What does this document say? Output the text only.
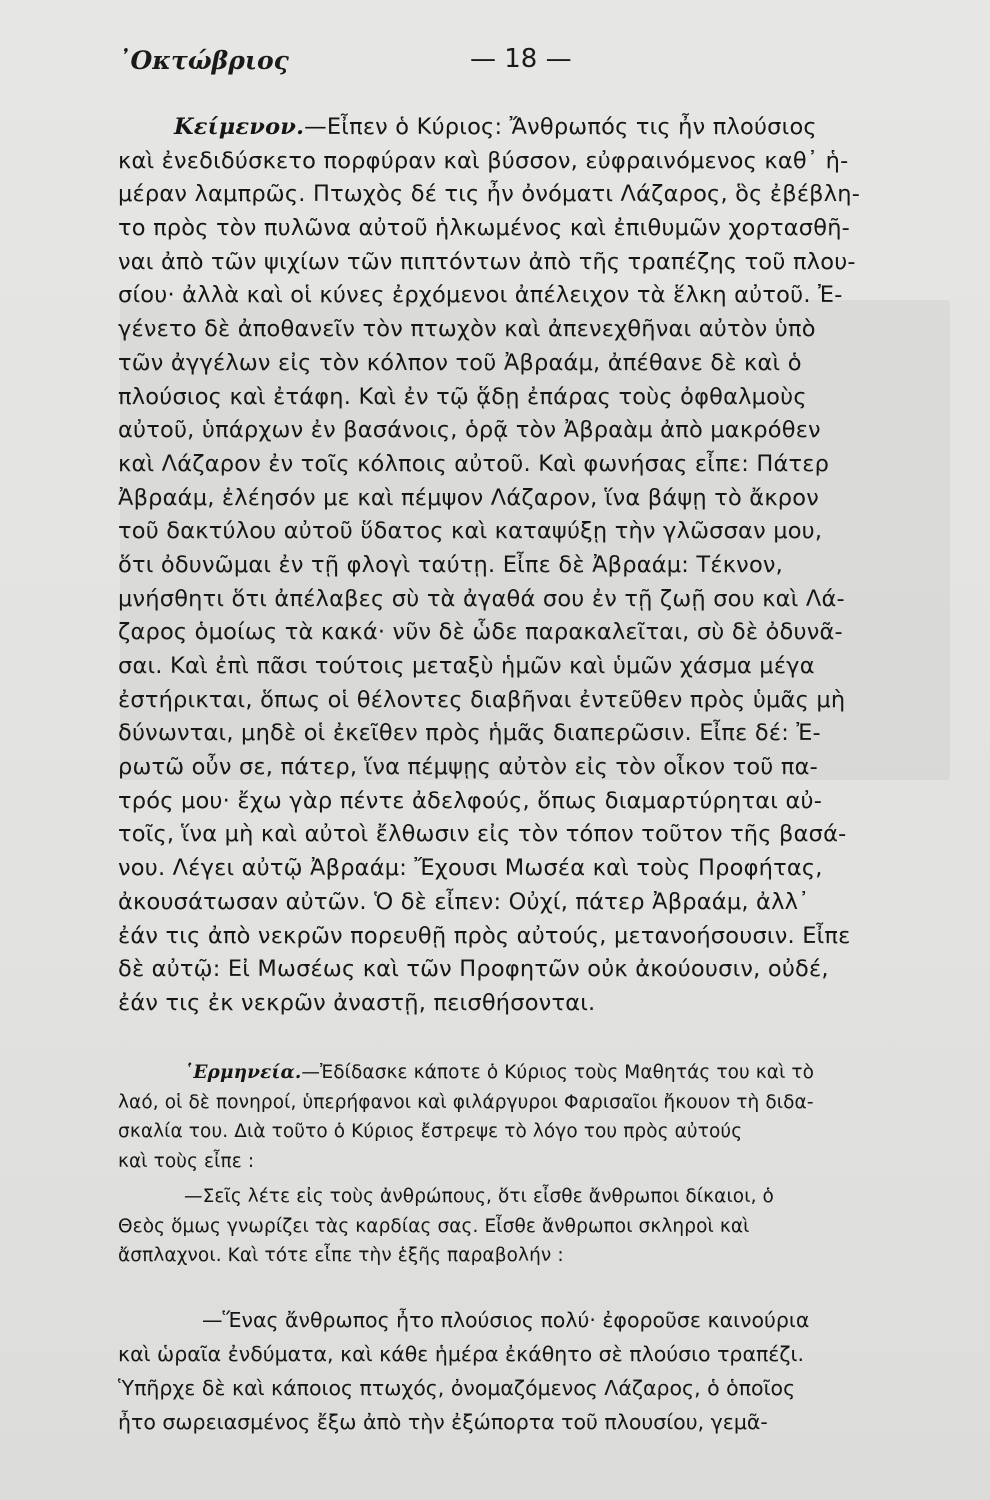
᾿Οκτώβριος	— 18 —
Κείμενον.—Εἶπεν ὁ Κύριος: Ἄνθρωπός τις ἦν πλούσιος
καὶ ἐνεδιδύσκετο πορφύραν καὶ βύσσον, εὐφραινόμενος καθ᾿ ἡ-
μέραν λαμπρῶς. Πτωχὸς δέ τις ἦν ὀνόματι Λάζαρος, ὃς ἐβέβλη-
το πρὸς τὸν πυλῶνα αὐτοῦ ἡλκωμένος καὶ ἐπιθυμῶν χορτασθῆ-
ναι ἀπὸ τῶν ψιχίων τῶν πιπτόντων ἀπὸ τῆς τραπέζης τοῦ πλου-
σίου· ἀλλὰ καὶ οἱ κύνες ἐρχόμενοι ἀπέλειχον τὰ ἕλκη αὐτοῦ. Ἐ-
γένετο δὲ ἀποθανεῖν τὸν πτωχὸν καὶ ἀπενεχθῆναι αὐτὸν ὑπὸ
τῶν ἀγγέλων εἰς τὸν κόλπον τοῦ Ἀβραάμ, ἀπέθανε δὲ καὶ ὁ
πλούσιος καὶ ἐτάφη. Καὶ ἐν τῷ ᾅδῃ ἐπάρας τοὺς ὀφθαλμοὺς
αὐτοῦ, ὑπάρχων ἐν βασάνοις, ὁρᾷ τὸν Ἀβραὰμ ἀπὸ μακρόθεν
καὶ Λάζαρον ἐν τοῖς κόλποις αὐτοῦ. Καὶ φωνήσας εἶπε: Πάτερ
Ἀβραάμ, ἐλέησόν με καὶ πέμψον Λάζαρον, ἵνα βάψῃ τὸ ἄκρον
τοῦ δακτύλου αὐτοῦ ὕδατος καὶ καταψύξῃ τὴν γλῶσσαν μου,
ὅτι ὀδυνῶμαι ἐν τῇ φλογὶ ταύτῃ. Εἶπε δὲ Ἀβραάμ: Τέκνον,
μνήσθητι ὅτι ἀπέλαβες σὺ τὰ ἀγαθά σου ἐν τῇ ζωῇ σου καὶ Λά-
ζαρος ὁμοίως τὰ κακά· νῦν δὲ ὧδε παρακαλεῖται, σὺ δὲ ὀδυνᾶ-
σαι. Καὶ ἐπὶ πᾶσι τούτοις μεταξὺ ἡμῶν καὶ ὑμῶν χάσμα μέγα
ἐστήρικται, ὅπως οἱ θέλοντες διαβῆναι ἐντεῦθεν πρὸς ὑμᾶς μὴ
δύνωνται, μηδὲ οἱ ἐκεῖθεν πρὸς ἡμᾶς διαπερῶσιν. Εἶπε δέ: Ἐ-
ρωτῶ οὖν σε, πάτερ, ἵνα πέμψῃς αὐτὸν εἰς τὸν οἶκον τοῦ πα-
τρός μου· ἔχω γὰρ πέντε ἀδελφούς, ὅπως διαμαρτύρηται αὐ-
τοῖς, ἵνα μὴ καὶ αὐτοὶ ἔλθωσιν εἰς τὸν τόπον τοῦτον τῆς βασά-
νου. Λέγει αὐτῷ Ἀβραάμ: Ἔχουσι Μωσέα καὶ τοὺς Προφήτας,
ἀκουσάτωσαν αὐτῶν. Ὁ δὲ εἶπεν: Οὐχί, πάτερ Ἀβραάμ, ἀλλ᾿
ἐάν τις ἀπὸ νεκρῶν πορευθῇ πρὸς αὐτούς, μετανοήσουσιν. Εἶπε
δὲ αὐτῷ: Εἰ Μωσέως καὶ τῶν Προφητῶν οὐκ ἀκούουσιν, οὐδέ,
ἐάν τις ἐκ νεκρῶν ἀναστῇ, πεισθήσονται.
῾Ερμηνεία.—Ἐδίδασκε κάποτε ὁ Κύριος τοὺς Μαθητάς του καὶ τὸ
λαό, οἱ δὲ πονηροί, ὑπερήφανοι καὶ φιλάργυροι Φαρισαῖοι ἤκουον τὴ διδα-
σκαλία του. Διὰ τοῦτο ὁ Κύριος ἔστρεψε τὸ λόγο του πρὸς αὐτούς
καὶ τοὺς εἶπε :
—Σεῖς λέτε εἰς τοὺς ἀνθρώπους, ὅτι εἶσθε ἄνθρωποι δίκαιοι, ὁ
Θεὸς ὅμως γνωρίζει τὰς καρδίας σας. Εἶσθε ἄνθρωποι σκληροὶ καὶ
ἄσπλαχνοι. Καὶ τότε εἶπε τὴν ἑξῆς παραβολήν :
—Ἕνας ἄνθρωπος ἦτο πλούσιος πολύ· ἐφοροῦσε καινούρια
καὶ ὡραῖα ἐνδύματα, καὶ κάθε ἡμέρα ἐκάθητο σὲ πλούσιο τραπέζι.
Ὑπῆρχε δὲ καὶ κάποιος πτωχός, ὀνομαζόμενος Λάζαρος, ὁ ὁποῖος
ἦτο σωρειασμένος ἔξω ἀπὸ τὴν ἐξώπορτα τοῦ πλουσίου, γεμᾶ-
